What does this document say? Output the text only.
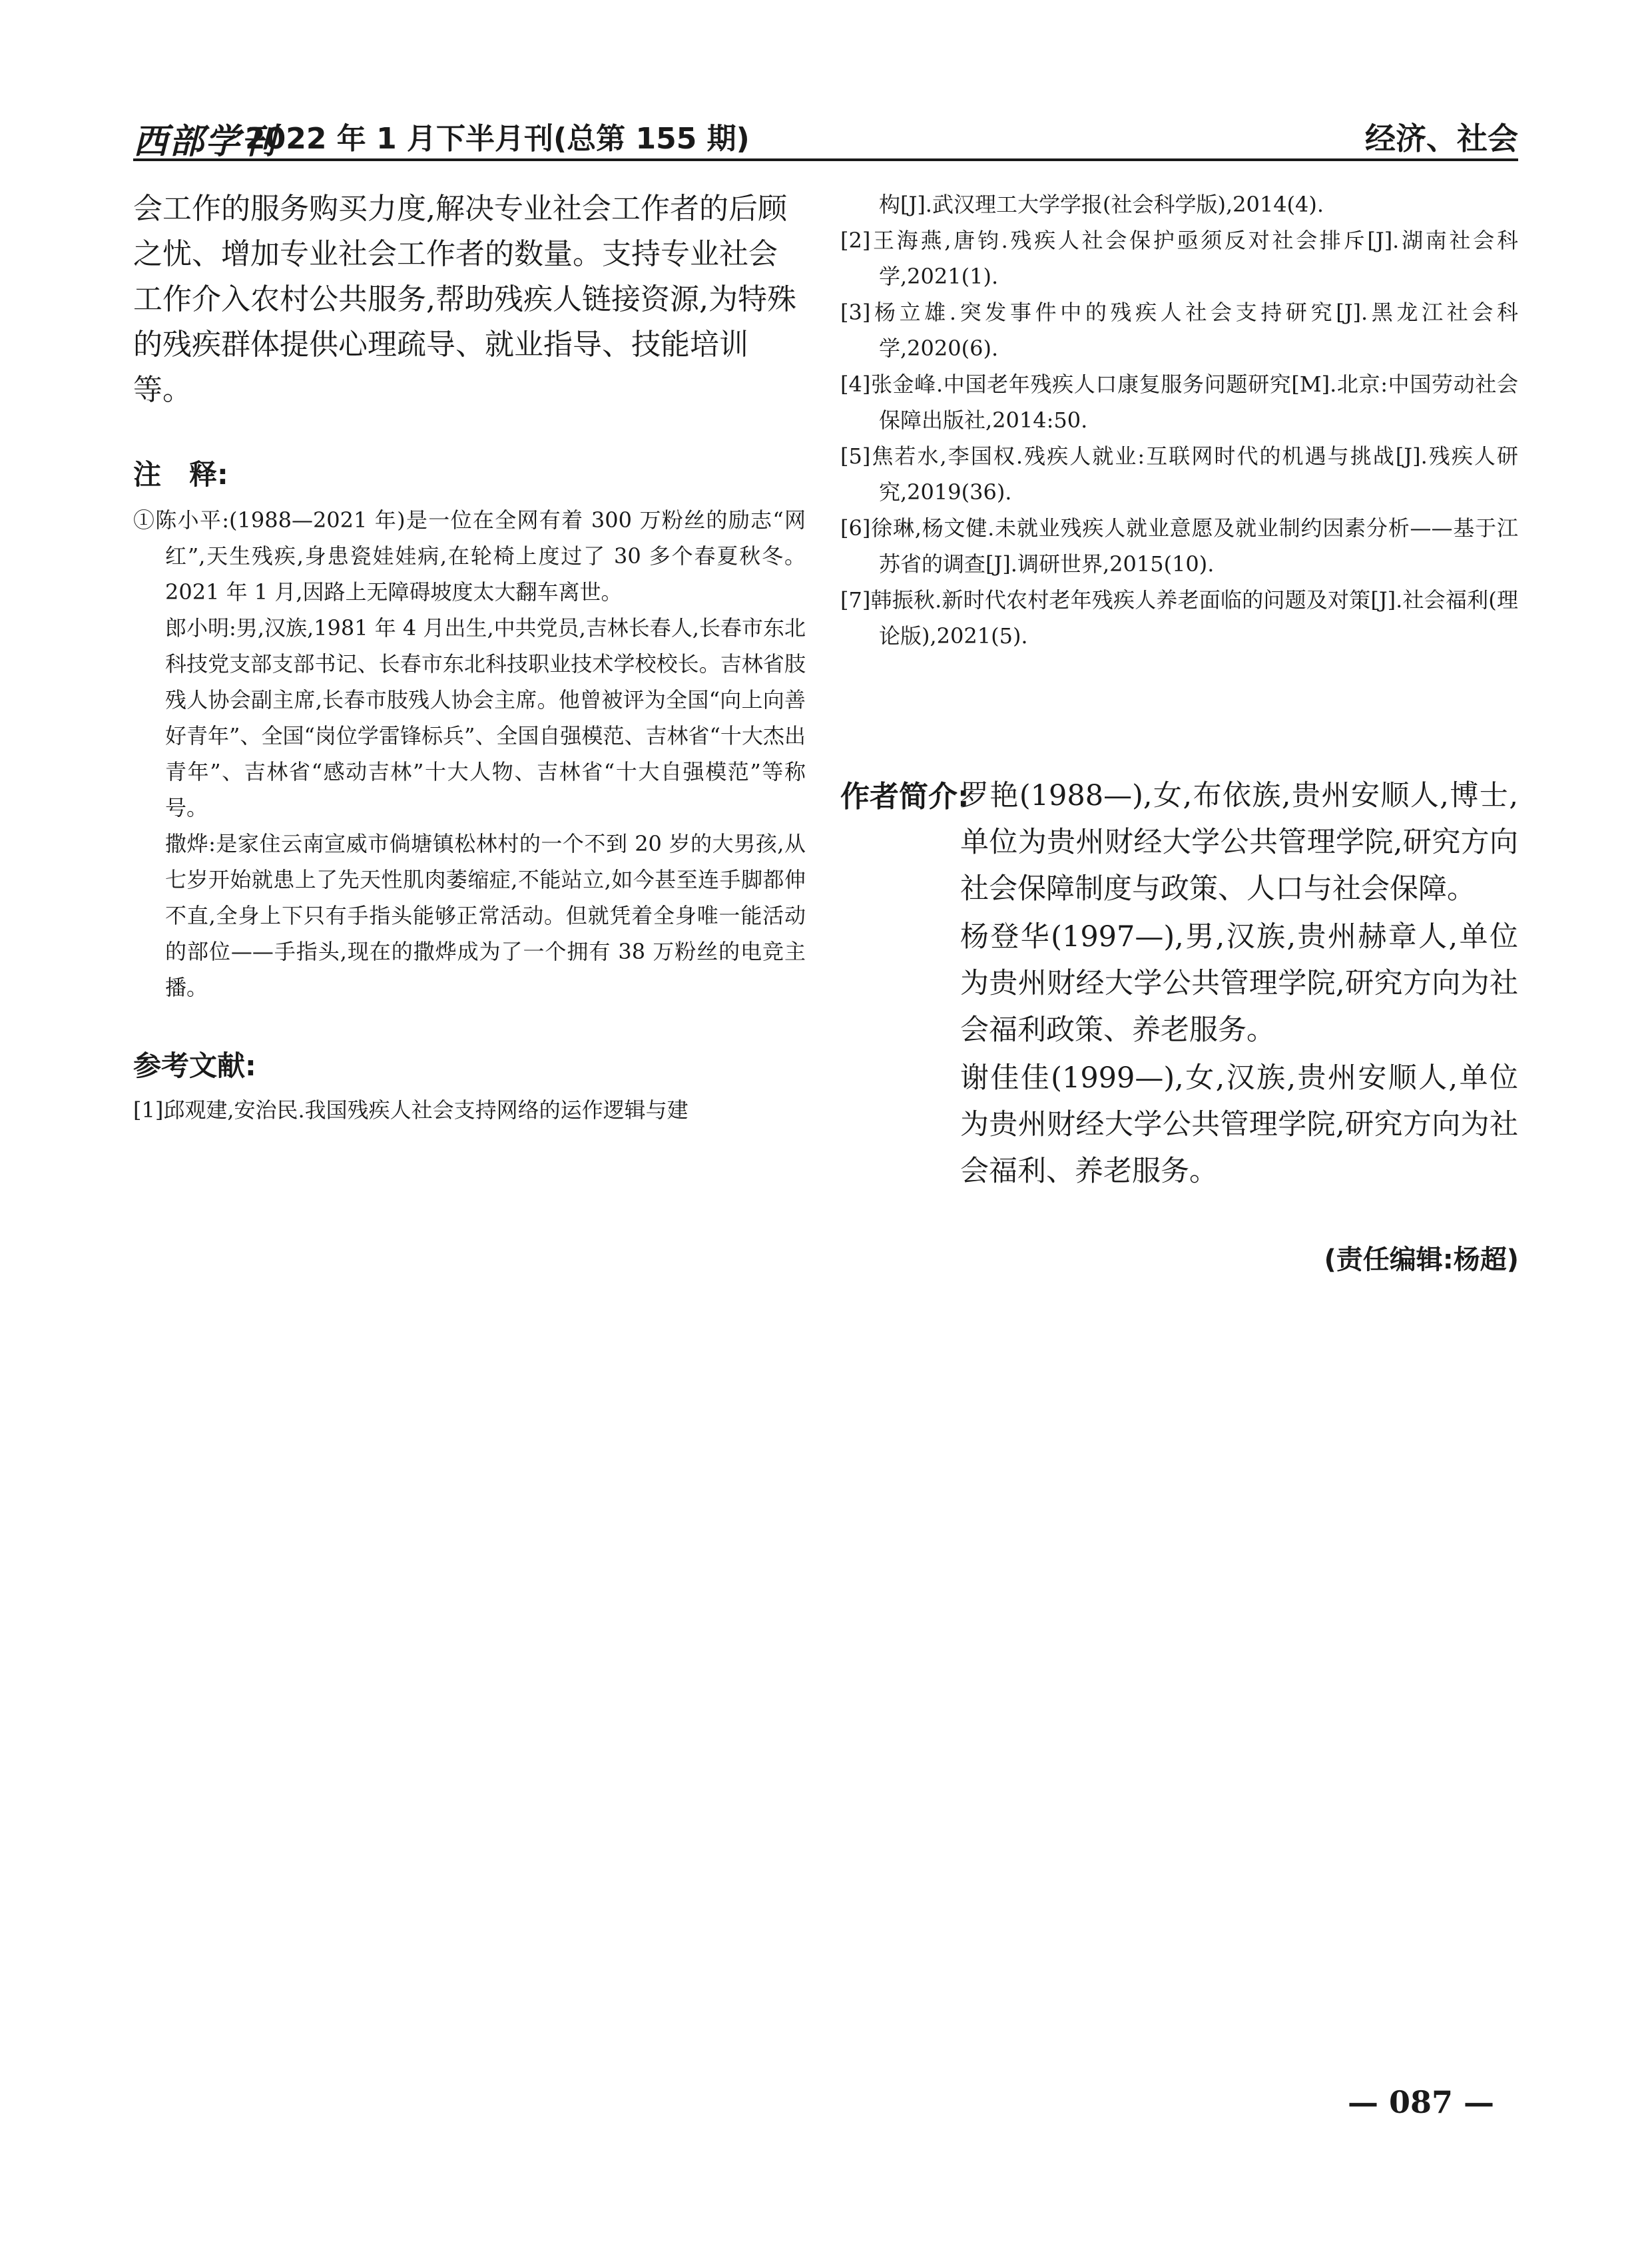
西部学刊
2022 年 1 月下半月刊(总第 155 期)	经济、社会

会工作的服务购买力度,解决专业社会工作者的后顾之忧、增加专业社会工作者的数量。支持专业社会工作介入农村公共服务,帮助残疾人链接资源,为特殊的残疾群体提供心理疏导、就业指导、技能培训等。

注　释:

①陈小平:(1988—2021 年)是一位在全网有着 300 万粉丝的励志“网红”,天生残疾,身患瓷娃娃病,在轮椅上度过了 30 多个春夏秋冬。2021 年 1 月,因路上无障碍坡度太大翻车离世。

郎小明:男,汉族,1981 年 4 月出生,中共党员,吉林长春人,长春市东北科技党支部支部书记、长春市东北科技职业技术学校校长。吉林省肢残人协会副主席,长春市肢残人协会主席。他曾被评为全国“向上向善好青年”、全国“岗位学雷锋标兵”、全国自强模范、吉林省“十大杰出青年”、吉林省“感动吉林”十大人物、吉林省“十大自强模范”等称号。

撒烨:是家住云南宣威市倘塘镇松林村的一个不到 20 岁的大男孩,从七岁开始就患上了先天性肌肉萎缩症,不能站立,如今甚至连手脚都伸不直,全身上下只有手指头能够正常活动。但就凭着全身唯一能活动的部位——手指头,现在的撒烨成为了一个拥有 38 万粉丝的电竞主播。

参考文献:

[1]邱观建,安治民.我国残疾人社会支持网络的运作逻辑与建

构[J].武汉理工大学学报(社会科学版),2014(4).

[2]王海燕,唐钧.残疾人社会保护亟须反对社会排斥[J].湖南社会科学,2021(1).

[3]杨立雄.突发事件中的残疾人社会支持研究[J].黑龙江社会科学,2020(6).

[4]张金峰.中国老年残疾人口康复服务问题研究[M].北京:中国劳动社会保障出版社,2014:50.

[5]焦若水,李国权.残疾人就业:互联网时代的机遇与挑战[J].残疾人研究,2019(36).

[6]徐琳,杨文健.未就业残疾人就业意愿及就业制约因素分析——基于江苏省的调查[J].调研世界,2015(10).

[7]韩振秋.新时代农村老年残疾人养老面临的问题及对策[J].社会福利(理论版),2021(5).

作者简介:

罗艳(1988—),女,布依族,贵州安顺人,博士,单位为贵州财经大学公共管理学院,研究方向社会保障制度与政策、人口与社会保障。

杨登华(1997—),男,汉族,贵州赫章人,单位为贵州财经大学公共管理学院,研究方向为社会福利政策、养老服务。

谢佳佳(1999—),女,汉族,贵州安顺人,单位为贵州财经大学公共管理学院,研究方向为社会福利、养老服务。

(责任编辑:杨超)
— 087 —
